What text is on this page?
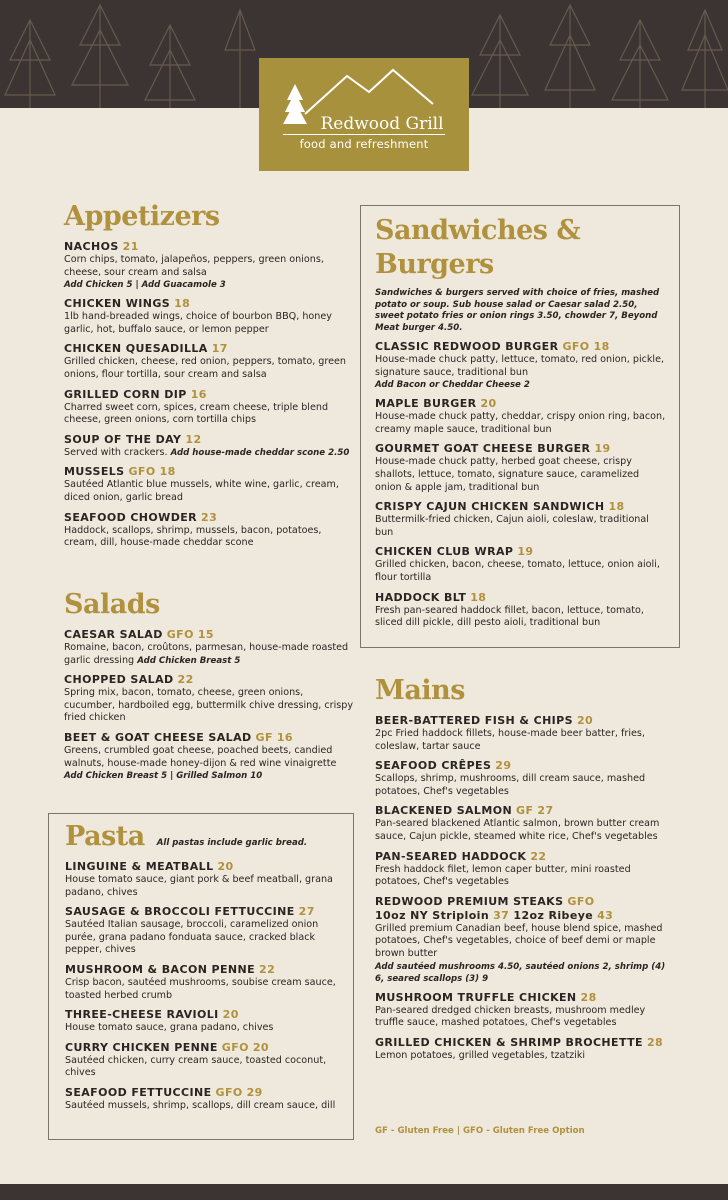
Redwood Grill
food and refreshment
Appetizers
NACHOS 21
Corn chips, tomato, jalapeños, peppers, green onions, cheese, sour cream and salsa
Add Chicken 5 | Add Guacamole 3
CHICKEN WINGS 18
1lb hand-breaded wings, choice of bourbon BBQ, honey garlic, hot, buffalo sauce, or lemon pepper
CHICKEN QUESADILLA 17
Grilled chicken, cheese, red onion, peppers, tomato, green onions, flour tortilla, sour cream and salsa
GRILLED CORN DIP 16
Charred sweet corn, spices, cream cheese, triple blend cheese, green onions, corn tortilla chips
SOUP OF THE DAY 12
Served with crackers. Add house-made cheddar scone 2.50
MUSSELS GFO 18
Sautéed Atlantic blue mussels, white wine, garlic, cream, diced onion, garlic bread
SEAFOOD CHOWDER 23
Haddock, scallops, shrimp, mussels, bacon, potatoes, cream, dill, house-made cheddar scone
Salads
CAESAR SALAD GFO 15
Romaine, bacon, croûtons, parmesan, house-made roasted garlic dressing Add Chicken Breast 5
CHOPPED SALAD 22
Spring mix, bacon, tomato, cheese, green onions, cucumber, hardboiled egg, buttermilk chive dressing, crispy fried chicken
BEET & GOAT CHEESE SALAD GF 16
Greens, crumbled goat cheese, poached beets, candied walnuts, house-made honey-dijon & red wine vinaigrette
Add Chicken Breast 5 | Grilled Salmon 10
Pasta All pastas include garlic bread.
LINGUINE & MEATBALL 20
House tomato sauce, giant pork & beef meatball, grana padano, chives
SAUSAGE & BROCCOLI FETTUCCINE 27
Sautéed Italian sausage, broccoli, caramelized onion purée, grana padano fonduata sauce, cracked black pepper, chives
MUSHROOM & BACON PENNE 22
Crisp bacon, sautéed mushrooms, soubise cream sauce, toasted herbed crumb
THREE-CHEESE RAVIOLI 20
House tomato sauce, grana padano, chives
CURRY CHICKEN PENNE GFO 20
Sautéed chicken, curry cream sauce, toasted coconut, chives
SEAFOOD FETTUCCINE GFO 29
Sautéed mussels, shrimp, scallops, dill cream sauce, dill
Sandwiches & Burgers
Sandwiches & burgers served with choice of fries, mashed potato or soup. Sub house salad or Caesar salad 2.50, sweet potato fries or onion rings 3.50, chowder 7, Beyond Meat burger 4.50.
CLASSIC REDWOOD BURGER GFO 18
House-made chuck patty, lettuce, tomato, red onion, pickle, signature sauce, traditional bun
Add Bacon or Cheddar Cheese 2
MAPLE BURGER 20
House-made chuck patty, cheddar, crispy onion ring, bacon, creamy maple sauce, traditional bun
GOURMET GOAT CHEESE BURGER 19
House-made chuck patty, herbed goat cheese, crispy shallots, lettuce, tomato, signature sauce, caramelized onion & apple jam, traditional bun
CRISPY CAJUN CHICKEN SANDWICH 18
Buttermilk-fried chicken, Cajun aioli, coleslaw, traditional bun
CHICKEN CLUB WRAP 19
Grilled chicken, bacon, cheese, tomato, lettuce, onion aioli, flour tortilla
HADDOCK BLT 18
Fresh pan-seared haddock fillet, bacon, lettuce, tomato, sliced dill pickle, dill pesto aioli, traditional bun
Mains
BEER-BATTERED FISH & CHIPS 20
2pc Fried haddock fillets, house-made beer batter, fries, coleslaw, tartar sauce
SEAFOOD CRÊPES 29
Scallops, shrimp, mushrooms, dill cream sauce, mashed potatoes, Chef's vegetables
BLACKENED SALMON GF 27
Pan-seared blackened Atlantic salmon, brown butter cream sauce, Cajun pickle, steamed white rice, Chef's vegetables
PAN-SEARED HADDOCK 22
Fresh haddock filet, lemon caper butter, mini roasted potatoes, Chef's vegetables
REDWOOD PREMIUM STEAKS GFO
10oz NY Striploin 37 12oz Ribeye 43
Grilled premium Canadian beef, house blend spice, mashed potatoes, Chef's vegetables, choice of beef demi or maple brown butter
Add sautéed mushrooms 4.50, sautéed onions 2, shrimp (4) 6, seared scallops (3) 9
MUSHROOM TRUFFLE CHICKEN 28
Pan-seared dredged chicken breasts, mushroom medley truffle sauce, mashed potatoes, Chef's vegetables
GRILLED CHICKEN & SHRIMP BROCHETTE 28
Lemon potatoes, grilled vegetables, tzatziki
GF - Gluten Free | GFO - Gluten Free Option
